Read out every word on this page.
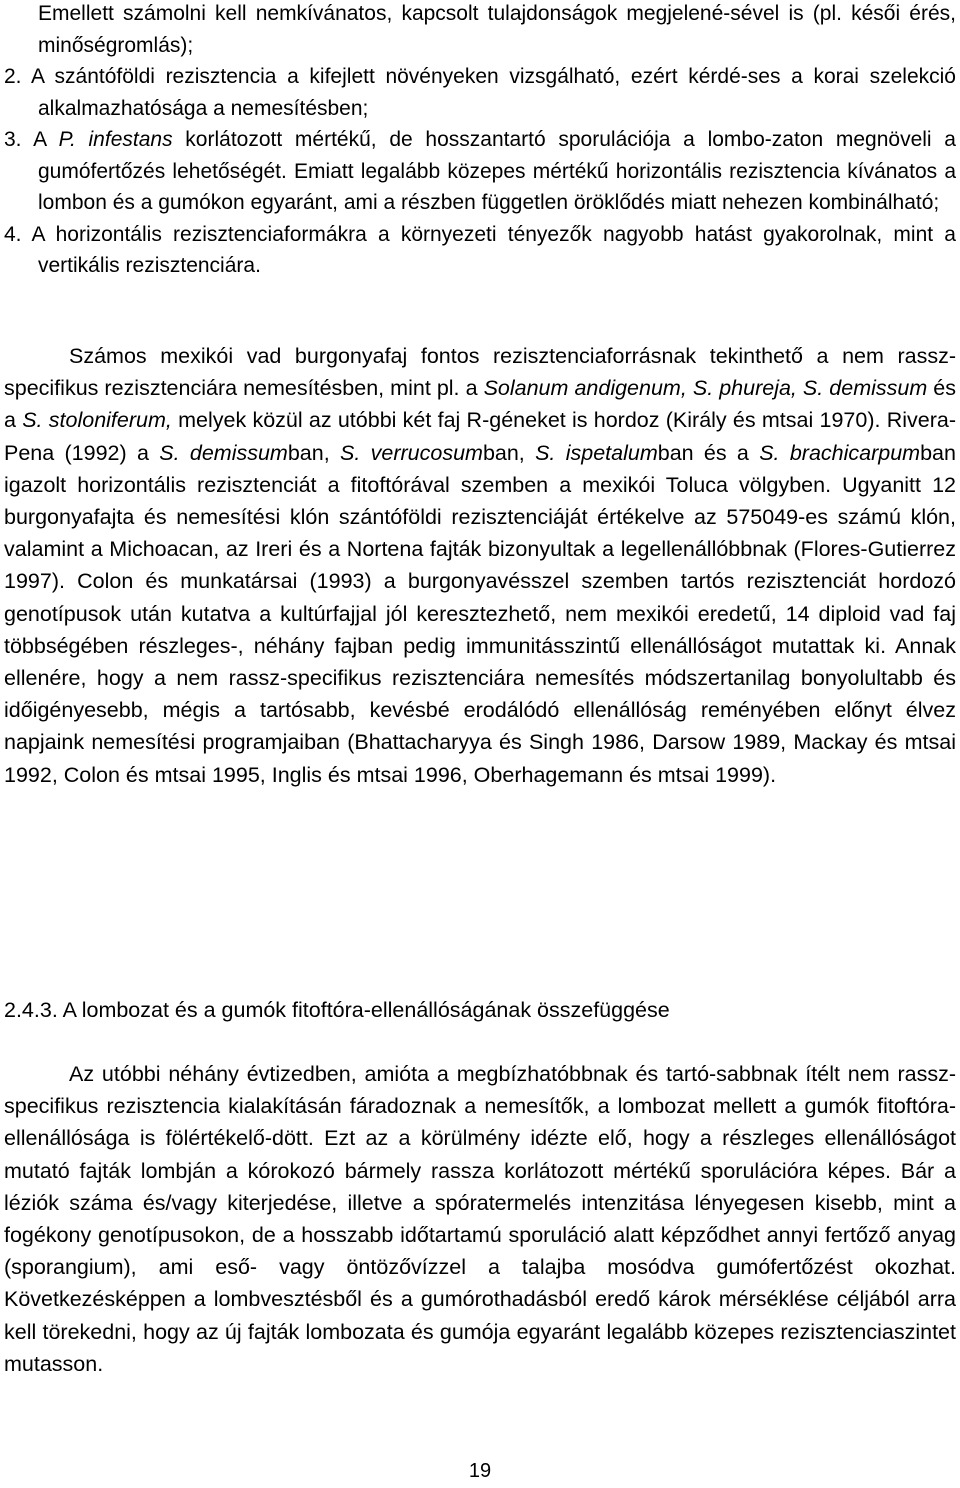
Emellett számolni kell nemkívánatos, kapcsolt tulajdonságok megjelené-sével is (pl. késői érés, minőségromlás);

2. A szántóföldi rezisztencia a kifejlett növényeken vizsgálható, ezért kérdé-ses a korai szelekció alkalmazhatósága a nemesítésben;

3. A P. infestans korlátozott mértékű, de hosszantartó sporulációja a lombo-zaton megnöveli a gumófertőzés lehetőségét. Emiatt legalább közepes mértékű horizontális rezisztencia kívánatos a lombon és a gumókon egyaránt, ami a részben független öröklődés miatt nehezen kombinálható;

4. A horizontális rezisztenciaformákra a környezeti tényezők nagyobb hatást gyakorolnak, mint a vertikális rezisztenciára.

Számos mexikói vad burgonyafaj fontos rezisztenciaforrásnak tekinthető a nem rassz-specifikus rezisztenciára nemesítésben, mint pl. a Solanum andigenum, S. phureja, S. demissum és a S. stoloniferum, melyek közül az utóbbi két faj R-géneket is hordoz (Király és mtsai 1970). Rivera-Pena (1992) a S. demissumban, S. verrucosumban, S. ispetalumban és a S. brachicarpumban igazolt horizontális rezisztenciát a fitoftórával szemben a mexikói Toluca völgyben. Ugyanitt 12 burgonyafajta és nemesítési klón szántóföldi rezisztenciáját értékelve az 575049-es számú klón, valamint a Michoacan, az Ireri és a Nortena fajták bizonyultak a legellenállóbbnak (Flores-Gutierrez 1997). Colon és munkatársai (1993) a burgonyavésszel szemben tartós rezisztenciát hordozó genotípusok után kutatva a kultúrfajjal jól keresztezhető, nem mexikói eredetű, 14 diploid vad faj többségében részleges-, néhány fajban pedig immunitásszintű ellenállóságot mutattak ki. Annak ellenére, hogy a nem rassz-specifikus rezisztenciára nemesítés módszertanilag bonyolultabb és időigényesebb, mégis a tartósabb, kevésbé erodálódó ellenállóság reményében előnyt élvez napjaink nemesítési programjaiban (Bhattacharyya és Singh 1986, Darsow 1989, Mackay és mtsai 1992, Colon és mtsai 1995, Inglis és mtsai 1996, Oberhagemann és mtsai 1999).

2.4.3. A lombozat és a gumók fitoftóra-ellenállóságának összefüggése

Az utóbbi néhány évtizedben, amióta a megbízhatóbbnak és tartó-sabbnak ítélt nem rassz-specifikus rezisztencia kialakításán fáradoznak a nemesítők, a lombozat mellett a gumók fitoftóra-ellenállósága is fölértékelő-dött. Ezt az a körülmény idézte elő, hogy a részleges ellenállóságot mutató fajták lombján a kórokozó bármely rassza korlátozott mértékű sporulációra képes. Bár a léziók száma és/vagy kiterjedése, illetve a spóratermelés intenzitása lényegesen kisebb, mint a fogékony genotípusokon, de a hosszabb időtartamú sporuláció alatt képződhet annyi fertőző anyag (sporangium), ami eső- vagy öntözővízzel a talajba mosódva gumófertőzést okozhat. Következésképpen a lombvesztésből és a gumórothadásból eredő károk mérséklése céljából arra kell törekedni, hogy az új fajták lombozata és gumója egyaránt legalább közepes rezisztenciaszintet mutasson.

19
